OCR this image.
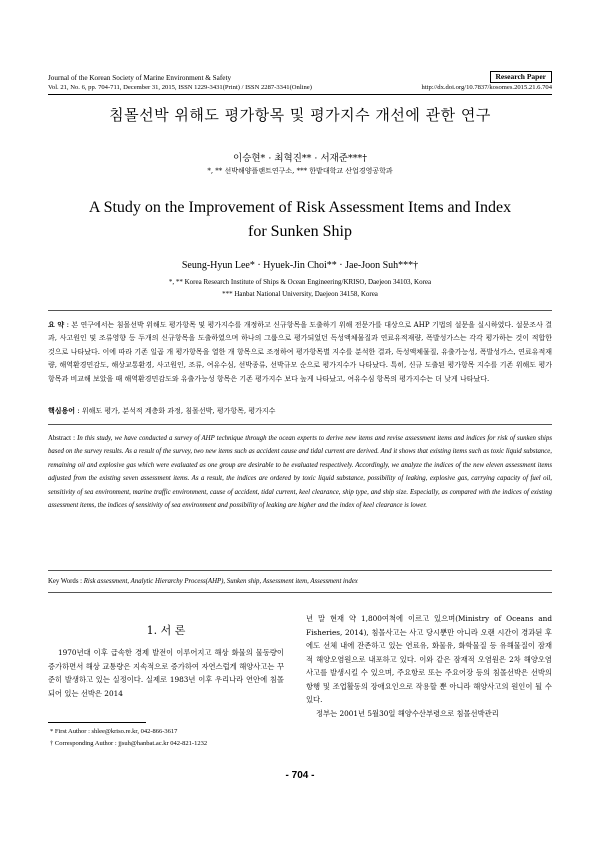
Journal of the Korean Society of Marine Environment & Safety
Vol. 21, No. 6, pp. 704-711, December 31, 2015, ISSN 1229-3431(Print) / ISSN 2287-3341(Online)	http://dx.doi.org/10.7837/kosomes.2015.21.6.704
Research Paper
침몰선박 위해도 평가항목 및 평가지수 개선에 관한 연구
이승현* · 최혁진** · 서재준***†
*, ** 선박해양플랜트연구소, *** 한밭대학교 산업경영공학과
A Study on the Improvement of Risk Assessment Items and Index
for Sunken Ship
Seung-Hyun Lee* · Hyuek-Jin Choi** · Jae-Joon Suh***†
*, ** Korea Research Institute of Ships & Ocean Engineering/KRISO, Daejeon 34103, Korea
*** Hanbat National University, Daejeon 34158, Korea
요 약 : 본 연구에서는 침몰선박 위해도 평가항목 및 평가지수를 개정하고 신규항목을 도출하기 위해 전문가를 대상으로 AHP 기법의 설문을 실시하였다. 설문조사 결과, 사고원인 및 조류영향 등 두개의 신규항목을 도출하였으며 하나의 그룹으로 평가되었던 독성액체물질과 연료유적재량, 폭발성가스는 각각 평가하는 것이 적합한 것으로 나타났다. 이에 따라 기존 일곱 개 평가항목을 열한 개 항목으로 조정하여 평가항목별 지수를 분석한 결과, 독성액체물질, 유출가능성, 폭발성가스, 연료유적재량, 해역환경민감도, 해상교통환경, 사고원인, 조류, 여유수심, 선박종류, 선박규모 순으로 평가지수가 나타났다. 특히, 신규 도출된 평가항목 지수를 기존 위해도 평가항목과 비교해 보았을 때 해역환경민감도와 유출가능성 항목은 기존 평가지수 보다 높게 나타났고, 여유수심 항목의 평가지수는 더 낮게 나타났다.
핵심용어 : 위해도 평가, 분석적 계층화 과정, 침몰선박, 평가항목, 평가지수
Abstract : In this study, we have conducted a survey of AHP technique through the ocean experts to derive new items and revise assessment items and indices for risk of sunken ships based on the survey results. As a result of the survey, two new items such as accident cause and tidal current are derived. And it shows that existing items such as toxic liquid substance, remaining oil and explosive gas which were evaluated as one group are desirable to be evaluated respectively. Accordingly, we analyze the indices of the new eleven assessment items adjusted from the existing seven assessment items. As a result, the indices are ordered by toxic liquid substance, possibility of leaking, explosive gas, carrying capacity of fuel oil, sensitivity of sea environment, marine traffic environment, cause of accident, tidal current, keel clearance, ship type, and ship size. Especially, as compared with the indices of existing assessment items, the indices of sensitivity of sea environment and possibility of leaking are higher and the index of keel clearance is lower.
Key Words : Risk assessment, Analytic Hierarchy Process(AHP), Sunken ship, Assessment item, Assessment index
1. 서 론
1970년대 이후 급속한 경제 발전이 이루어지고 해상 화물의 물동량이 증가하면서 해상 교통량은 지속적으로 증가하여 자연스럽게 해양사고는 꾸준히 발생하고 있는 실정이다. 실제로 1983년 이후 우리나라 연안에 침몰되어 있는 선박은 2014
년 말 현재 약 1,800여척에 이르고 있으며(Ministry of Oceans and Fisheries, 2014), 침몰사고는 사고 당시뿐만 아니라 오랜 시간이 경과된 후에도 선체 내에 잔존하고 있는 연료유, 화물유, 화학물질 등 유해물질이 잠재적 해양오염원으로 내포하고 있다. 이와 같은 잠재적 오염원은 2차 해양오염사고를 발생시킬 수 있으며, 주요항로 또는 주요어장 등의 침몰선박은 선박의 항행 및 조업활동의 장애요인으로 작용할 뿐 아니라 해양사고의 원인이 될 수 있다.
정부는 2001년 5월30일 해양수산부령으로 침몰선박관리
* First Author : shlee@kriso.re.kr, 042-866-3617
† Corresponding Author : jjsuh@hanbat.ac.kr 042-821-1232
- 704 -
